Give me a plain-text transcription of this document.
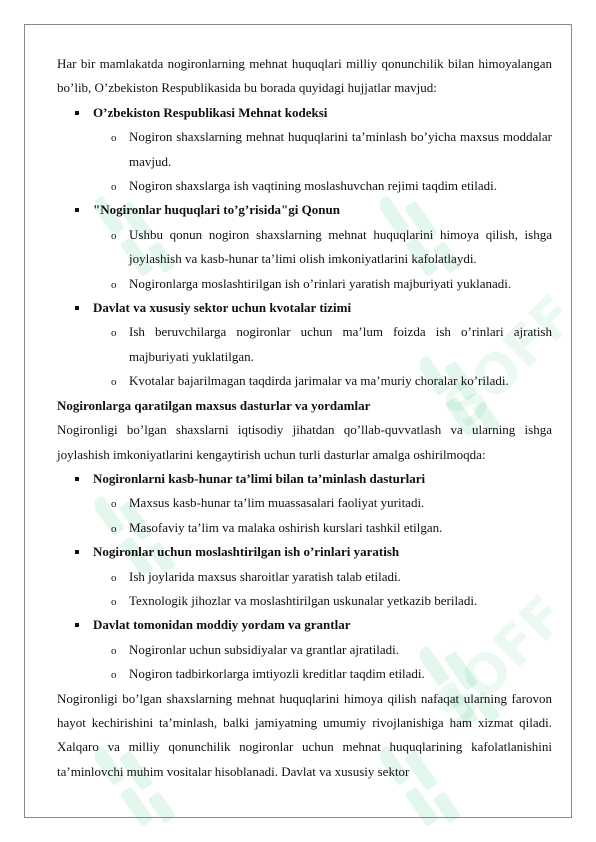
SOFF
SOFF

Har bir mamlakatda nogironlarning mehnat huquqlari milliy qonunchilik bilan himoyalangan bo’lib, O’zbekiston Respublikasida bu borada quyidagi hujjatlar mavjud:

O’zbekiston Respublikasi Mehnat kodeksi
o Nogiron shaxslarning mehnat huquqlarini ta’minlash bo’yicha maxsus moddalar mavjud.
o Nogiron shaxslarga ish vaqtining moslashuvchan rejimi taqdim etiladi.
"Nogironlar huquqlari to’g’risida"gi Qonun
o Ushbu qonun nogiron shaxslarning mehnat huquqlarini himoya qilish, ishga joylashish va kasb-hunar ta’limi olish imkoniyatlarini kafolatlaydi.
o Nogironlarga moslashtirilgan ish o’rinlari yaratish majburiyati yuklanadi.
Davlat va xususiy sektor uchun kvotalar tizimi
o Ish beruvchilarga nogironlar uchun ma’lum foizda ish o’rinlari ajratish majburiyati yuklatilgan.
o Kvotalar bajarilmagan taqdirda jarimalar va ma’muriy choralar ko’riladi.

Nogironlarga qaratilgan maxsus dasturlar va yordamlar

Nogironligi bo’lgan shaxslarni iqtisodiy jihatdan qo’llab-quvvatlash va ularning ishga joylashish imkoniyatlarini kengaytirish uchun turli dasturlar amalga oshirilmoqda:

Nogironlarni kasb-hunar ta’limi bilan ta’minlash dasturlari
o Maxsus kasb-hunar ta’lim muassasalari faoliyat yuritadi.
o Masofaviy ta’lim va malaka oshirish kurslari tashkil etilgan.
Nogironlar uchun moslashtirilgan ish o’rinlari yaratish
o Ish joylarida maxsus sharoitlar yaratish talab etiladi.
o Texnologik jihozlar va moslashtirilgan uskunalar yetkazib beriladi.
Davlat tomonidan moddiy yordam va grantlar
o Nogironlar uchun subsidiyalar va grantlar ajratiladi.
o Nogiron tadbirkorlarga imtiyozli kreditlar taqdim etiladi.

Nogironligi bo’lgan shaxslarning mehnat huquqlarini himoya qilish nafaqat ularning farovon hayot kechirishini ta’minlash, balki jamiyatning umumiy rivojlanishiga ham xizmat qiladi. Xalqaro va milliy qonunchilik nogironlar uchun mehnat huquqlarining kafolatlanishini ta’minlovchi muhim vositalar hisoblanadi. Davlat va xususiy sektor
